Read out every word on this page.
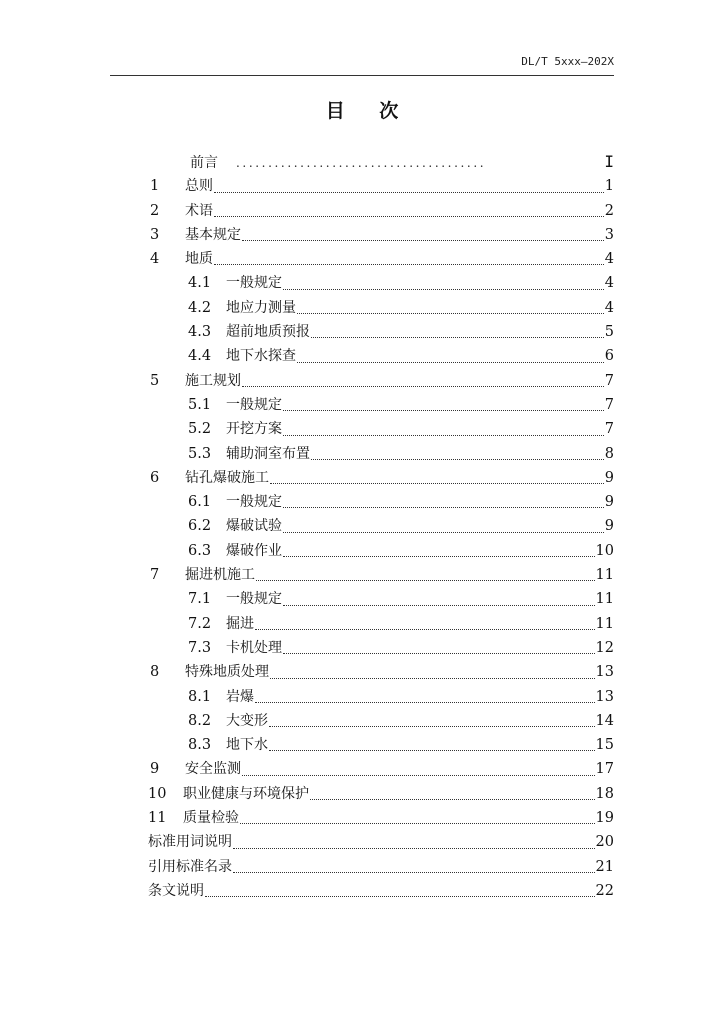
DL/T 5xxx—202X
目 次
前言 .......................................	I
1	总则	1
2	术语	2
3	基本规定	3
4	地质	4
4.1	一般规定	4
4.2	地应力测量	4
4.3	超前地质预报	5
4.4	地下水探查	6
5	施工规划	7
5.1	一般规定	7
5.2	开挖方案	7
5.3	辅助洞室布置	8
6	钻孔爆破施工	9
6.1	一般规定	9
6.2	爆破试验	9
6.3	爆破作业	10
7	掘进机施工	11
7.1	一般规定	11
7.2	掘进	11
7.3	卡机处理	12
8	特殊地质处理	13
8.1	岩爆	13
8.2	大变形	14
8.3	地下水	15
9	安全监测	17
10	职业健康与环境保护	18
11	质量检验	19
标准用词说明	20
引用标准名录	21
条文说明	22
